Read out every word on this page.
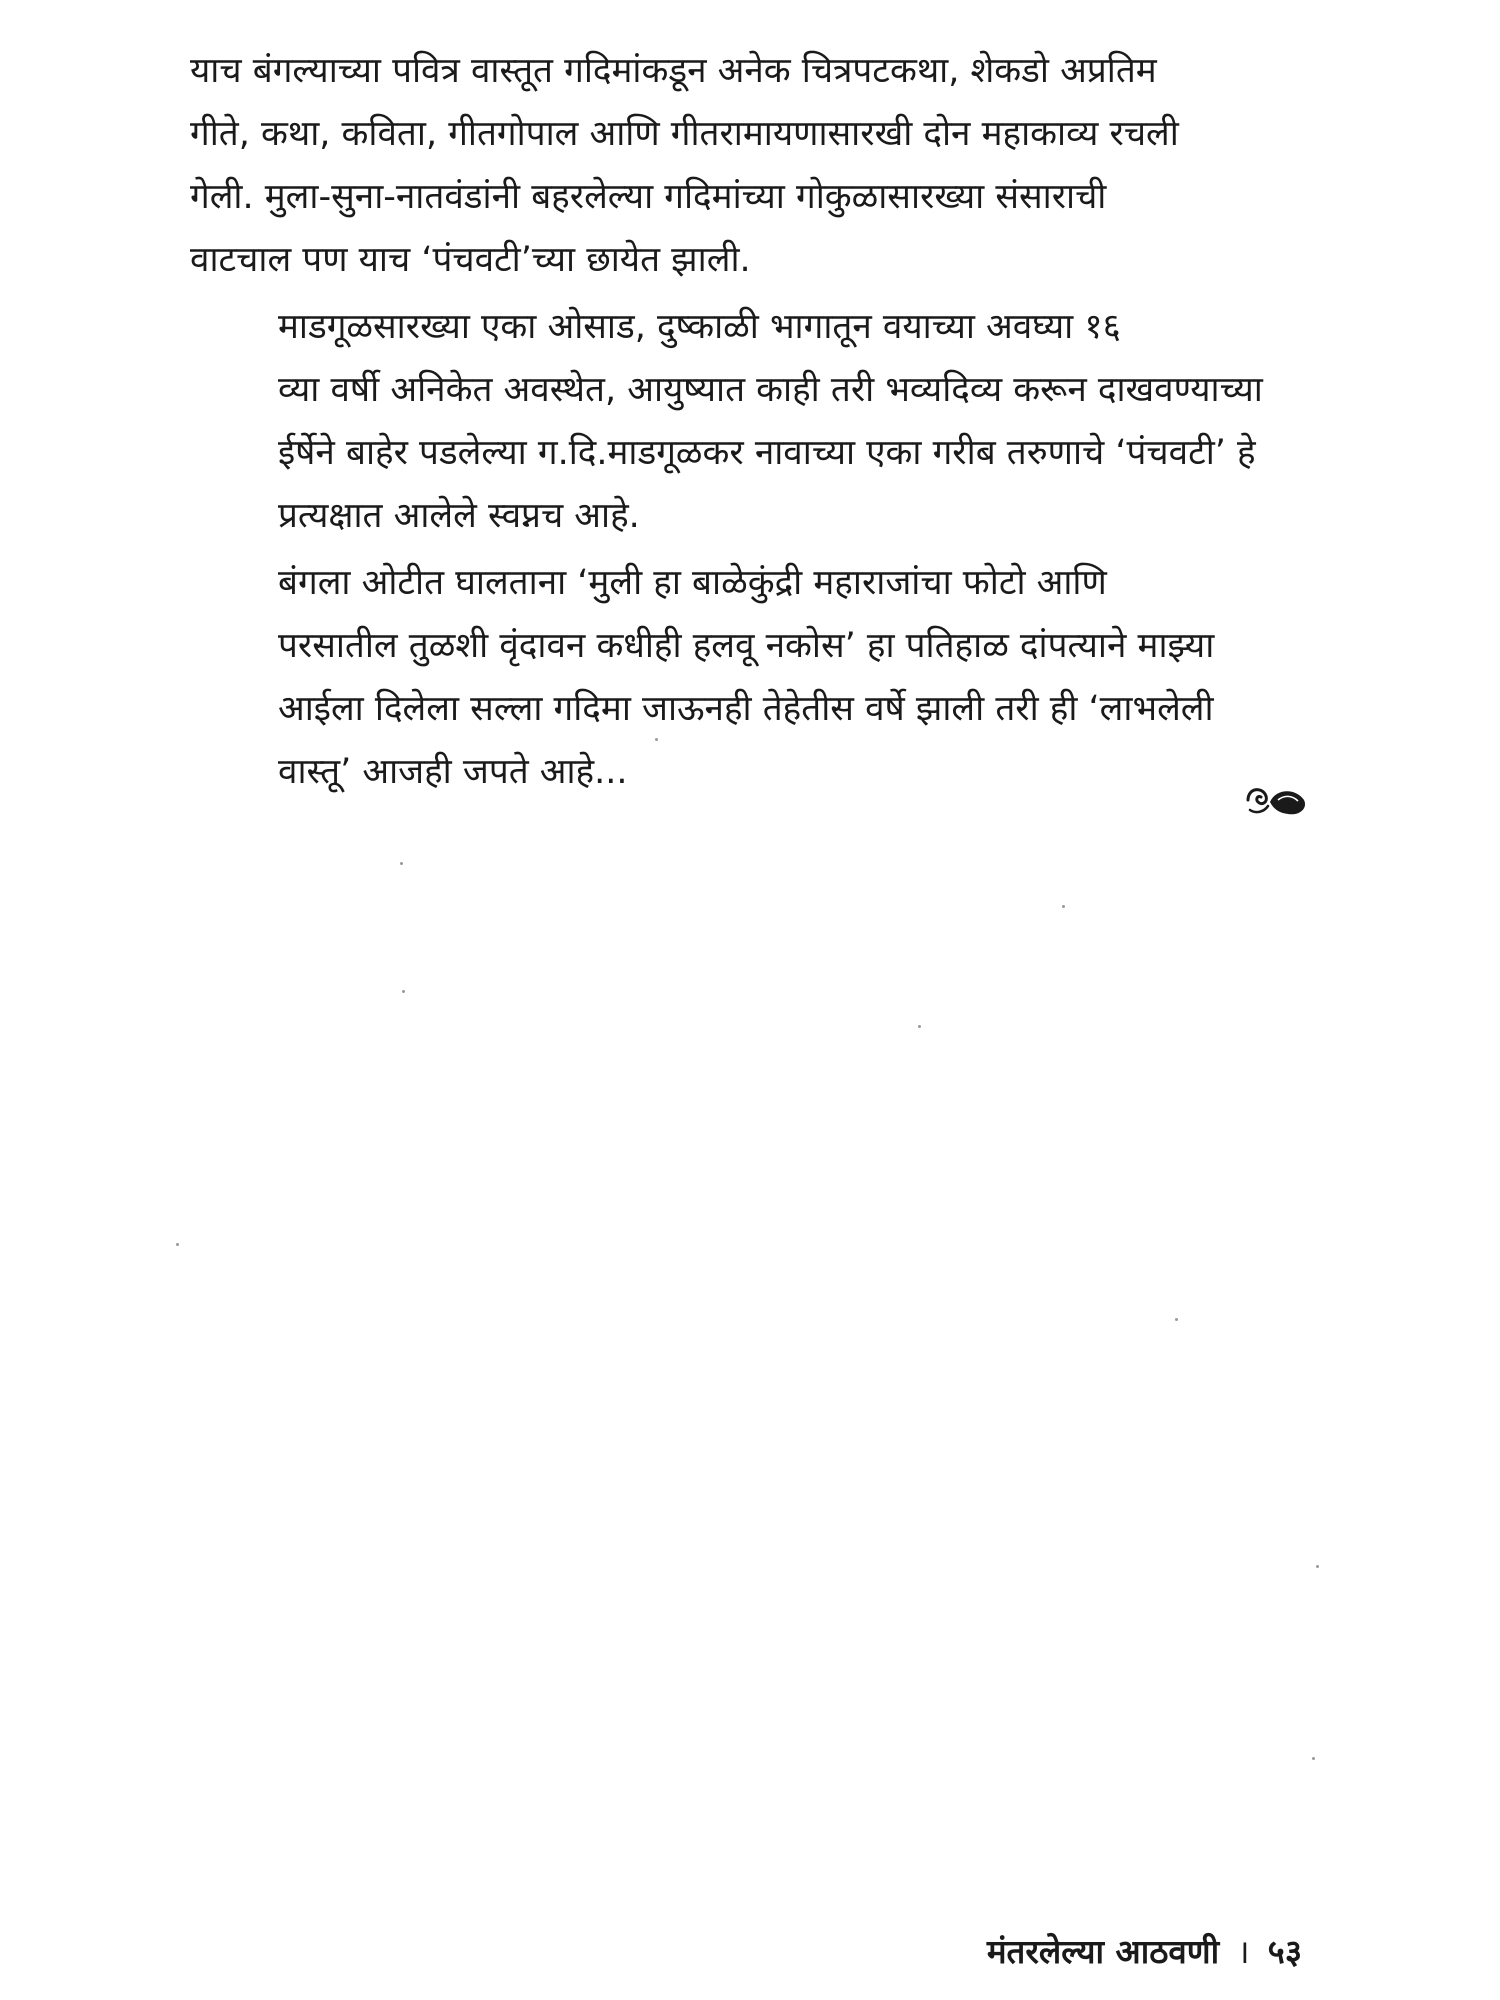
याच बंगल्याच्या पवित्र वास्तूत गदिमांकडून अनेक चित्रपटकथा, शेकडो अप्रतिम
गीते, कथा, कविता, गीतगोपाल आणि गीतरामायणासारखी दोन महाकाव्य रचली
गेली. मुला-सुना-नातवंडांनी बहरलेल्या गदिमांच्या गोकुळासारख्या संसाराची
वाटचाल पण याच ‘पंचवटी’च्या छायेत झाली.

माडगूळसारख्या एका ओसाड, दुष्काळी भागातून वयाच्या अवघ्या १६

व्या वर्षी अनिकेत अवस्थेत, आयुष्यात काही तरी भव्यदिव्य करून दाखवण्याच्या
ईर्षेने बाहेर पडलेल्या ग.दि.माडगूळकर नावाच्या एका गरीब तरुणाचे ‘पंचवटी’ हे
प्रत्यक्षात आलेले स्वप्नच आहे.

बंगला ओटीत घालताना ‘मुली हा बाळेकुंद्री महाराजांचा फोटो आणि

परसातील तुळशी वृंदावन कधीही हलवू नकोस’ हा पतिहाळ दांपत्याने माझ्या
आईला दिलेला सल्ला गदिमा जाऊनही तेहेतीस वर्षे झाली तरी ही ‘लाभलेली
वास्तू’ आजही जपते आहे...

मंतरलेल्या आठवणी । ५३
